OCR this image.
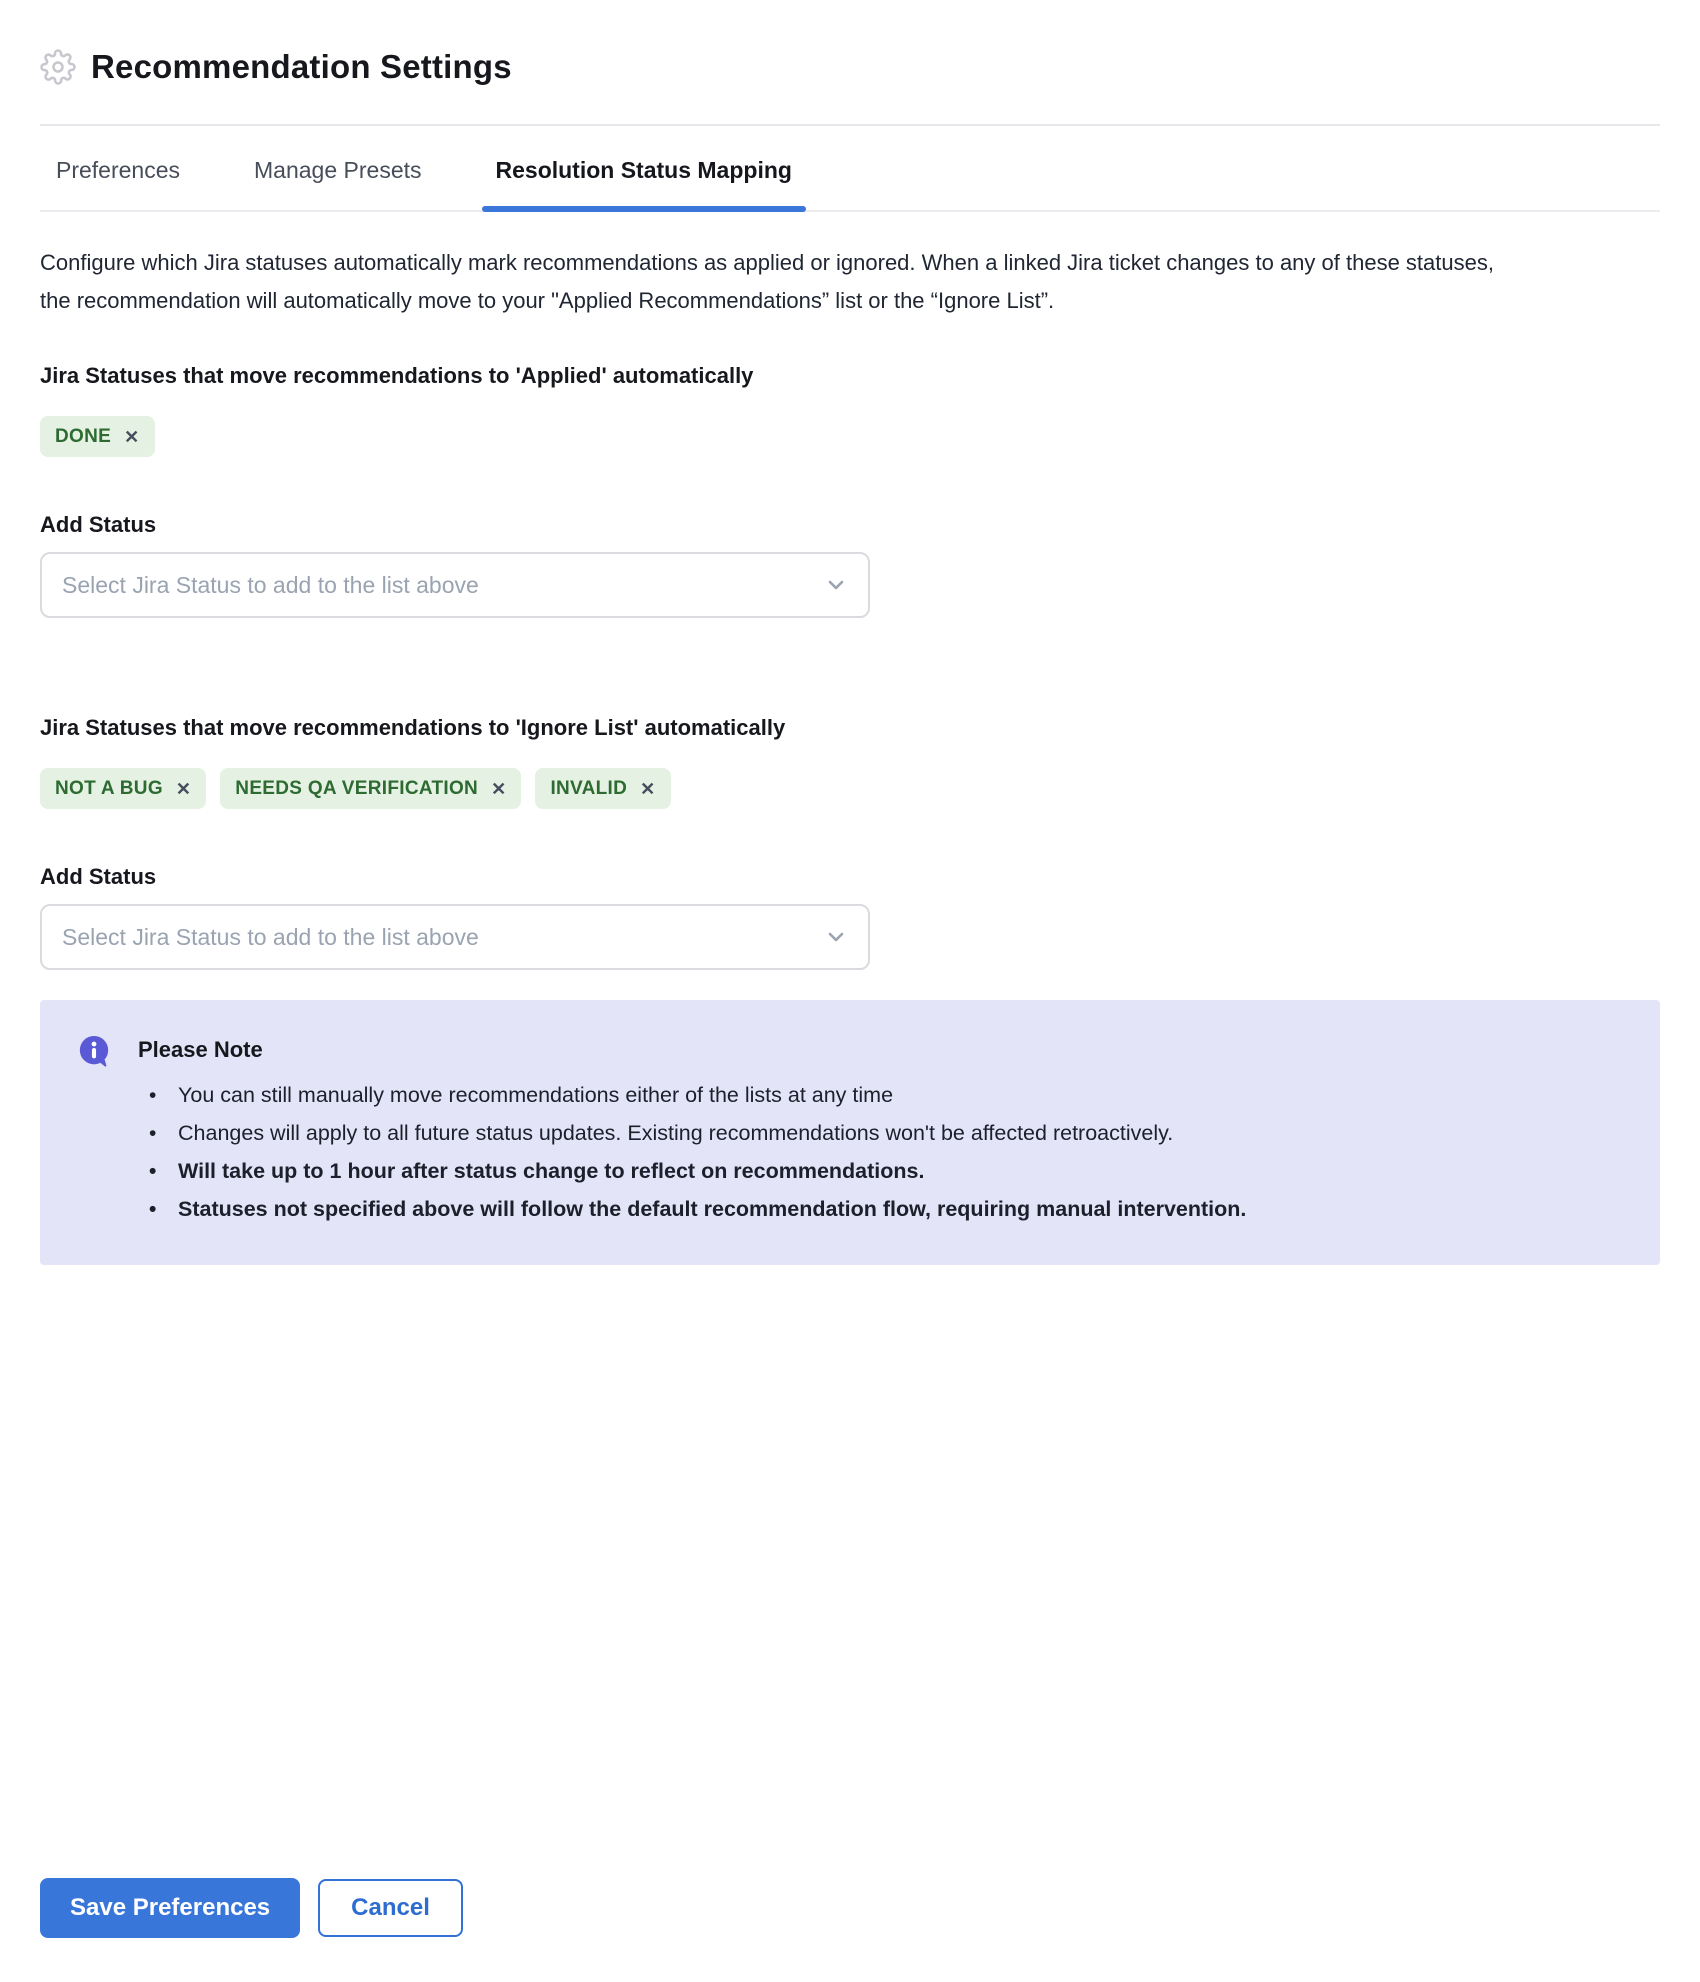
Recommendation Settings
Preferences	Manage Presets	Resolution Status Mapping

Configure which Jira statuses automatically mark recommendations as applied or ignored. When a linked Jira ticket changes to any of these statuses, the recommendation will automatically move to your "Applied Recommendations” list or the “Ignore List”.

Jira Statuses that move recommendations to 'Applied' automatically
DONE ✕
Add Status
Select Jira Status to add to the list above
Jira Statuses that move recommendations to 'Ignore List' automatically
NOT A BUG ✕ NEEDS QA VERIFICATION ✕ INVALID ✕
Add Status
Select Jira Status to add to the list above
Please Note
• You can still manually move recommendations either of the lists at any time
• Changes will apply to all future status updates. Existing recommendations won't be affected retroactively.
• Will take up to 1 hour after status change to reflect on recommendations.
• Statuses not specified above will follow the default recommendation flow, requiring manual intervention.
Save Preferences	Cancel
